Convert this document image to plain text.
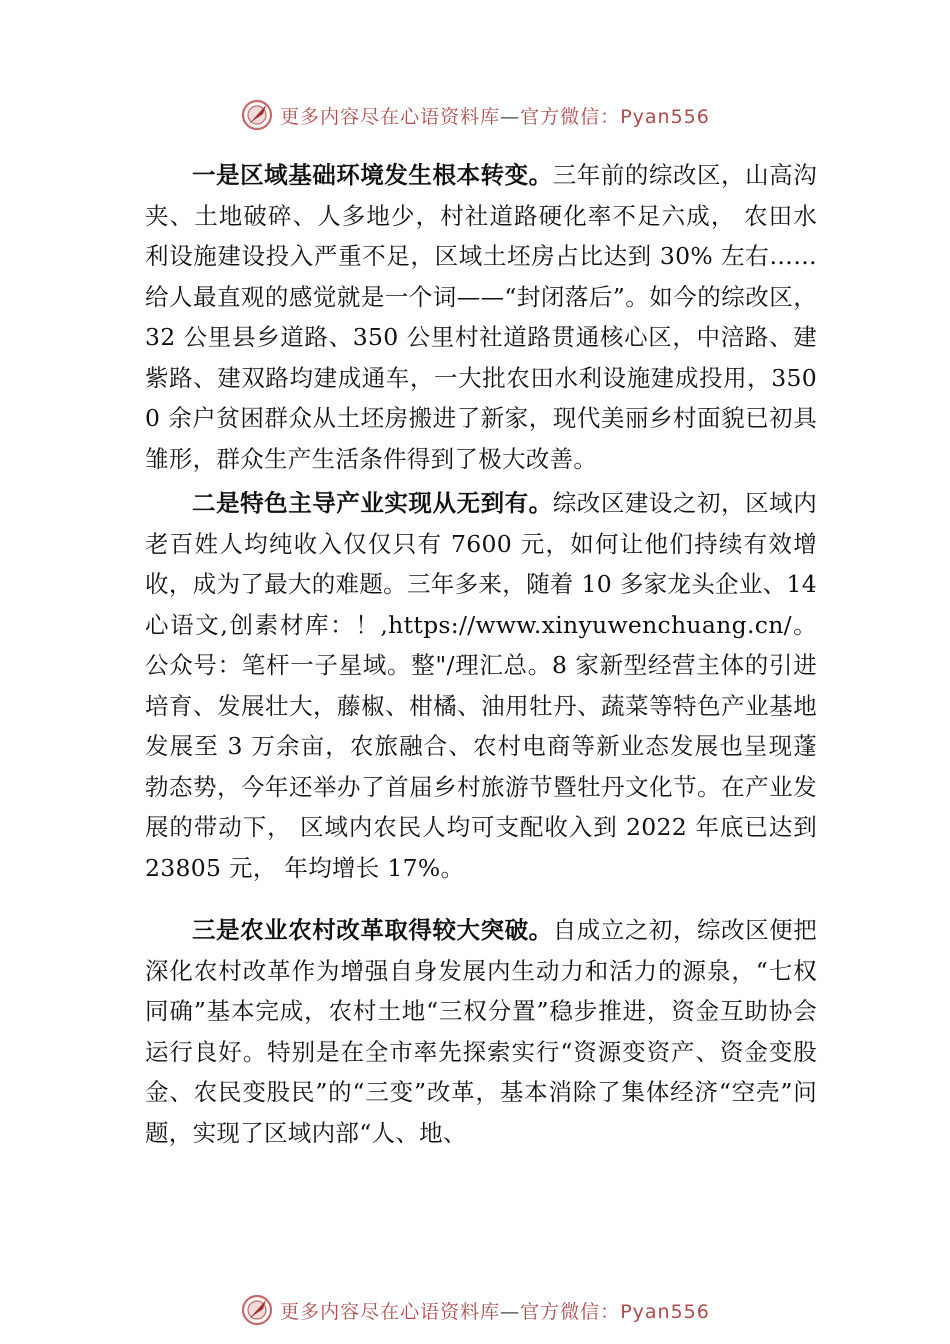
更多内容尽在心语资料库—官方微信：Pyan556

一是区域基础环境发生根本转变。三年前的综改区，山高沟夹、土地破碎、人多地少，村社道路硬化率不足六成， 农田水利设施建设投入严重不足，区域土坯房占比达到 30% 左右……给人最直观的感觉就是一个词——“封闭落后”。如今的综改区，32 公里县乡道路、350 公里村社道路贯通核心区，中涪路、建紫路、建双路均建成通车，一大批农田水利设施建成投用，3500 余户贫困群众从土坯房搬进了新家，现代美丽乡村面貌已初具雏形，群众生产生活条件得到了极大改善。

二是特色主导产业实现从无到有。综改区建设之初，区域内老百姓人均纯收入仅仅只有 7600 元，如何让他们持续有效增收，成为了最大的难题。三年多来，随着 10 多家龙头企业、14 心语文,创素材库：！,https://www.xinyuwenchuang.cn/。公众号：笔杆一子星域。整"/理汇总。8 家新型经营主体的引进培育、发展壮大，藤椒、柑橘、油用牡丹、蔬菜等特色产业基地发展至 3 万余亩，农旅融合、农村电商等新业态发展也呈现蓬勃态势，今年还举办了首届乡村旅游节暨牡丹文化节。在产业发展的带动下， 区域内农民人均可支配收入到 2022 年底已达到 23805 元， 年均增长 17%。

三是农业农村改革取得较大突破。自成立之初，综改区便把深化农村改革作为增强自身发展内生动力和活力的源泉，“七权同确”基本完成，农村土地“三权分置”稳步推进，资金互助协会运行良好。特别是在全市率先探索实行“资源变资产、资金变股金、农民变股民”的“三变”改革，基本消除了集体经济“空壳”问题，实现了区域内部“人、地、

更多内容尽在心语资料库—官方微信：Pyan556
